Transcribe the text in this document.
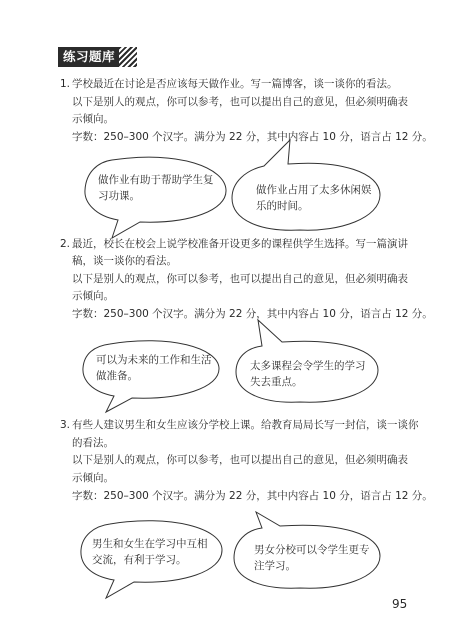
练习题库
1. 学校最近在讨论是否应该每天做作业。写一篇博客，谈一谈你的看法。
以下是别人的观点，你可以参考，也可以提出自己的意见，但必须明确表
示倾向。
字数：250–300 个汉字。满分为 22 分，其中内容占 10 分，语言占 12 分。
做作业有助于帮助学生复
习功课。	做作业占用了太多休闲娱
乐的时间。
2. 最近，校长在校会上说学校准备开设更多的课程供学生选择。写一篇演讲
稿，谈一谈你的看法。
以下是别人的观点，你可以参考，也可以提出自己的意见，但必须明确表
示倾向。
字数：250–300 个汉字。满分为 22 分，其中内容占 10 分，语言占 12 分。
可以为未来的工作和生活
做准备。
太多课程会令学生的学习
失去重点。
3. 有些人建议男生和女生应该分学校上课。给教育局局长写一封信，谈一谈你
的看法。
以下是别人的观点，你可以参考，也可以提出自己的意见，但必须明确表
示倾向。
字数：250–300 个汉字。满分为 22 分，其中内容占 10 分，语言占 12 分。
男生和女生在学习中互相
交流，有利于学习。
男女分校可以令学生更专
注学习。
95
